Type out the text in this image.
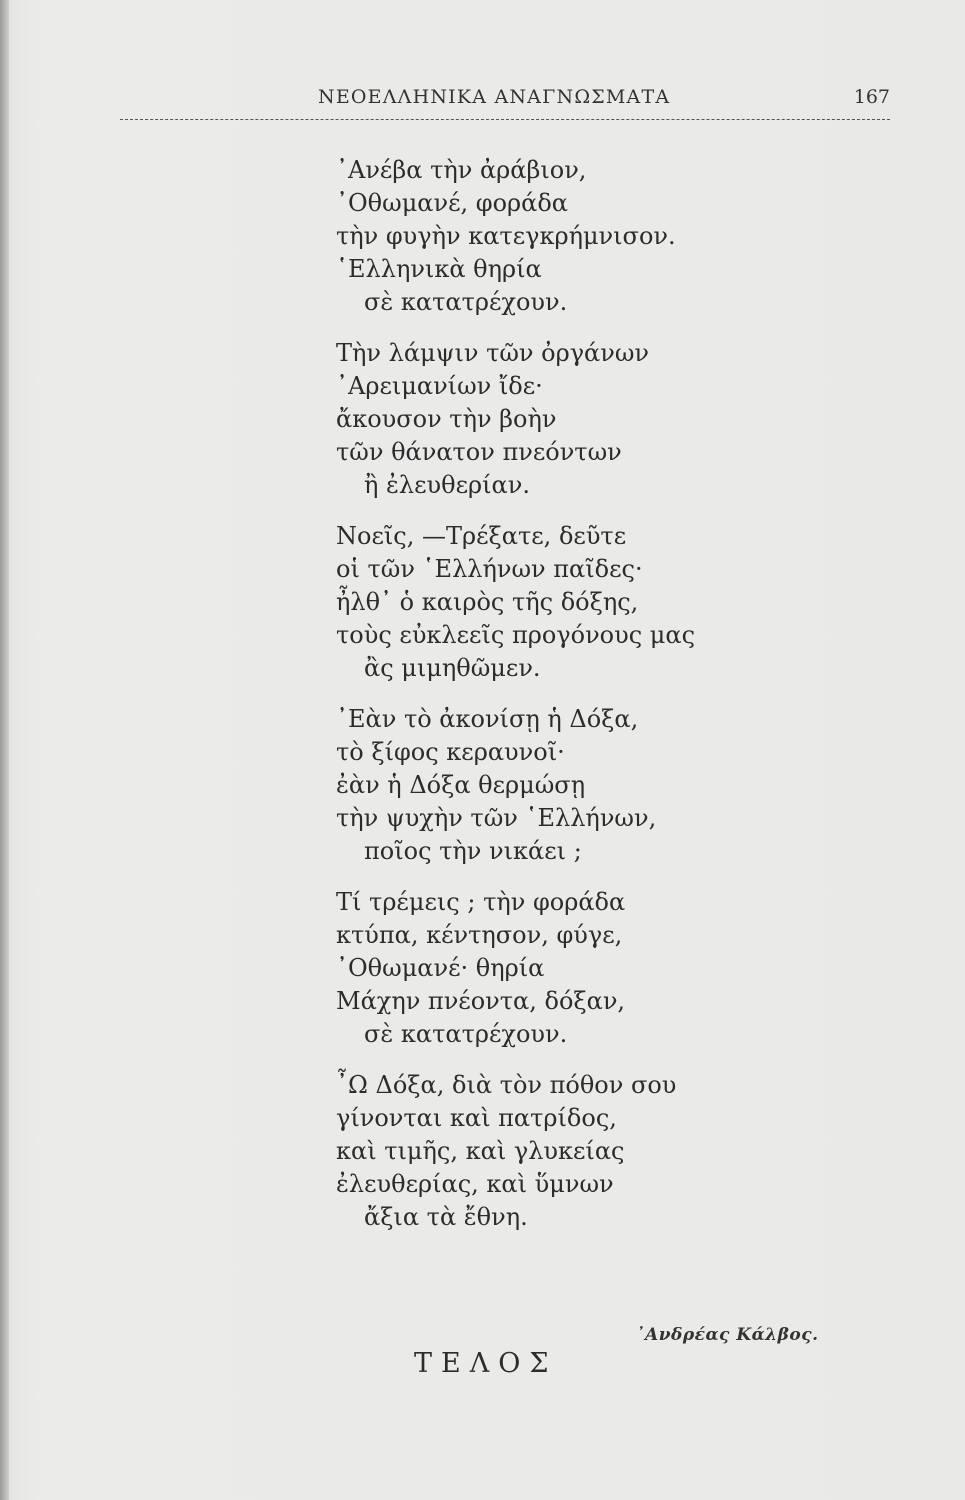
ΝΕΟΕΛΛΗΝΙΚΑ ΑΝΑΓΝΩΣΜΑΤΑ	167
᾿Ανέβα τὴν ἀράβιον,
᾿Οθωμανέ, φοράδα
τὴν φυγὴν κατεγκρήμνισον.
῾Ελληνικὰ θηρία
σὲ κατατρέχουν.
Τὴν λάμψιν τῶν ὀργάνων
᾿Αρειμανίων ἴδε·
ἄκουσον τὴν βοὴν
τῶν θάνατον πνεόντων
ἢ ἐλευθερίαν.
Νοεῖς, —Τρέξατε, δεῦτε
οἱ τῶν ῾Ελλήνων παῖδες·
ἦλθ᾿ ὁ καιρὸς τῆς δόξης,
τοὺς εὐκλεεῖς προγόνους μας
ἂς μιμηθῶμεν.
᾿Εὰν τὸ ἀκονίσῃ ἡ Δόξα,
τὸ ξίφος κεραυνοῖ·
ἐὰν ἡ Δόξα θερμώσῃ
τὴν ψυχὴν τῶν ῾Ελλήνων,
ποῖος τὴν νικάει ;
Τί τρέμεις ; τὴν φοράδα
κτύπα, κέντησον, φύγε,
᾿Οθωμανέ· θηρία
Μάχην πνέοντα, δόξαν,
σὲ κατατρέχουν.
῏Ω Δόξα, διὰ τὸν πόθον σου
γίνονται καὶ πατρίδος,
καὶ τιμῆς, καὶ γλυκείας
ἐλευθερίας, καὶ ὕμνων
ἄξια τὰ ἔθνη.
᾿Ανδρέας Κάλβος.
ΤΕΛΟΣ
